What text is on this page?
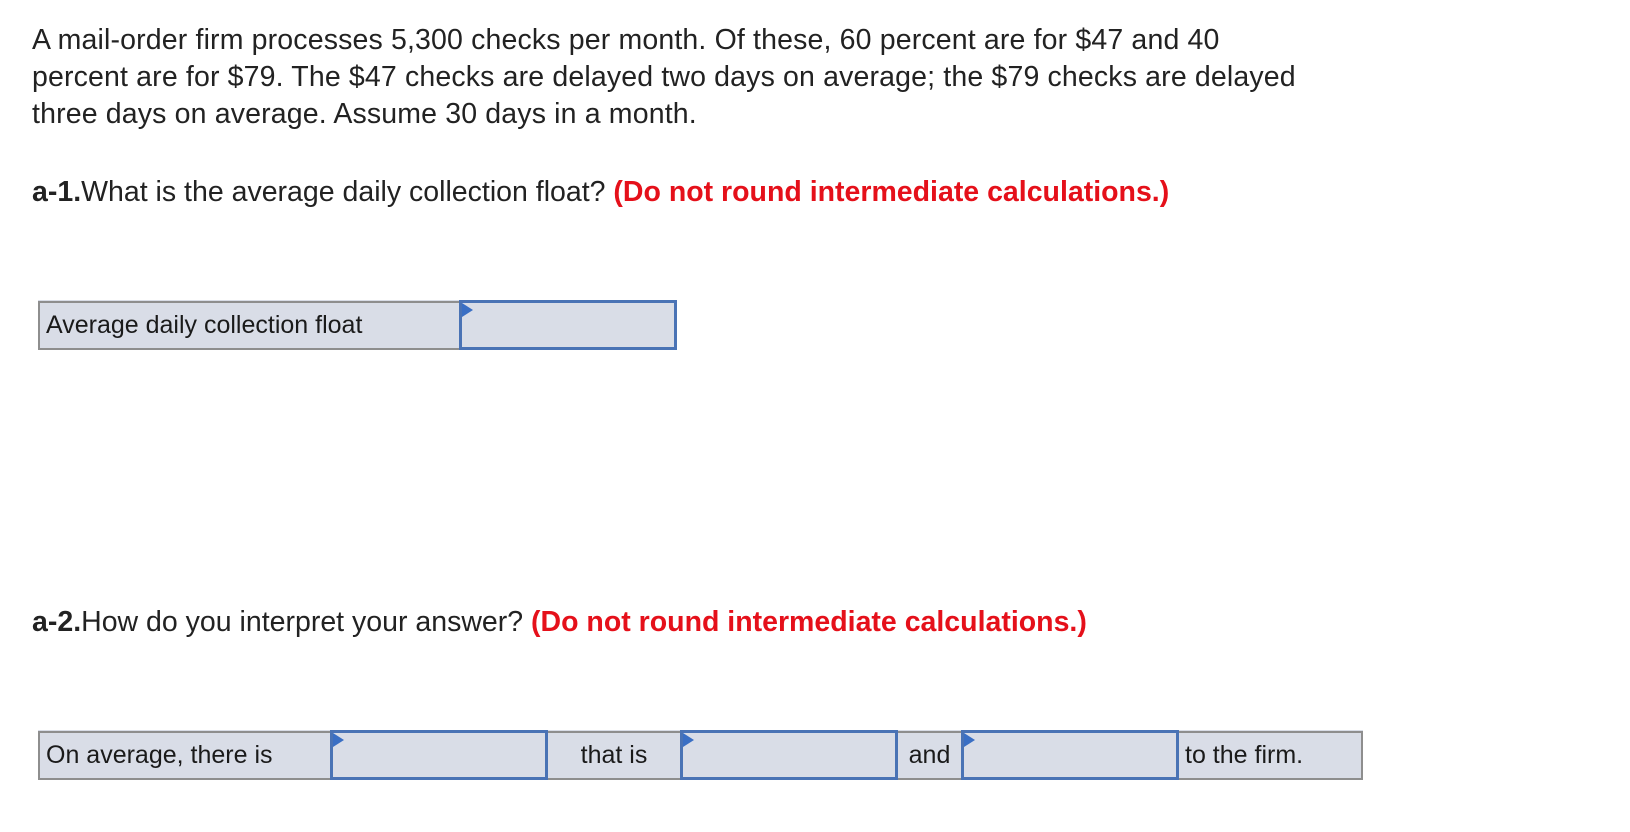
A mail-order firm processes 5,300 checks per month. Of these, 60 percent are for $47 and 40 percent are for $79. The $47 checks are delayed two days on average; the $79 checks are delayed three days on average. Assume 30 days in a month.
a-1.What is the average daily collection float? (Do not round intermediate calculations.)
Average daily collection float	
a-2.How do you interpret your answer? (Do not round intermediate calculations.)
On average, there is		that is		and		to the firm.
